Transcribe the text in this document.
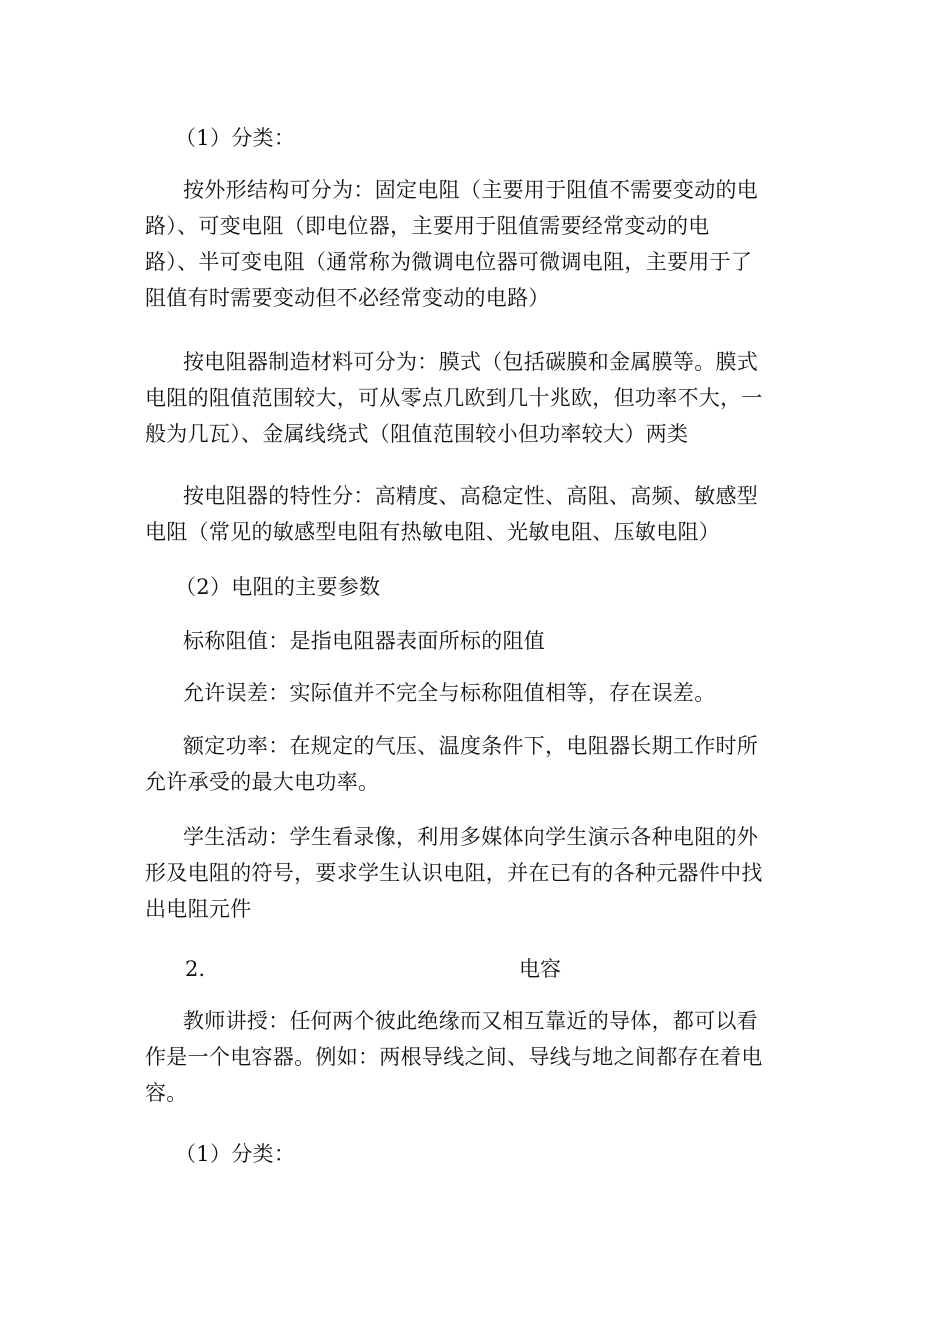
（1）分类：

按外形结构可分为：固定电阻（主要用于阻值不需要变动的电
路）、可变电阻（即电位器，主要用于阻值需要经常变动的电
路）、半可变电阻（通常称为微调电位器可微调电阻，主要用于了
阻值有时需要变动但不必经常变动的电路）

按电阻器制造材料可分为：膜式（包括碳膜和金属膜等。膜式
电阻的阻值范围较大，可从零点几欧到几十兆欧，但功率不大，一
般为几瓦）、金属线绕式（阻值范围较小但功率较大）两类

按电阻器的特性分：高精度、高稳定性、高阻、高频、敏感型
电阻（常见的敏感型电阻有热敏电阻、光敏电阻、压敏电阻）

（2）电阻的主要参数

标称阻值：是指电阻器表面所标的阻值

允许误差：实际值并不完全与标称阻值相等，存在误差。

额定功率：在规定的气压、温度条件下，电阻器长期工作时所
允许承受的最大电功率。

学生活动：学生看录像，利用多媒体向学生演示各种电阻的外
形及电阻的符号，要求学生认识电阻，并在已有的各种元器件中找
出电阻元件

2.	电容

教师讲授：任何两个彼此绝缘而又相互靠近的导体，都可以看
作是一个电容器。例如：两根导线之间、导线与地之间都存在着电
容。

（1）分类：
